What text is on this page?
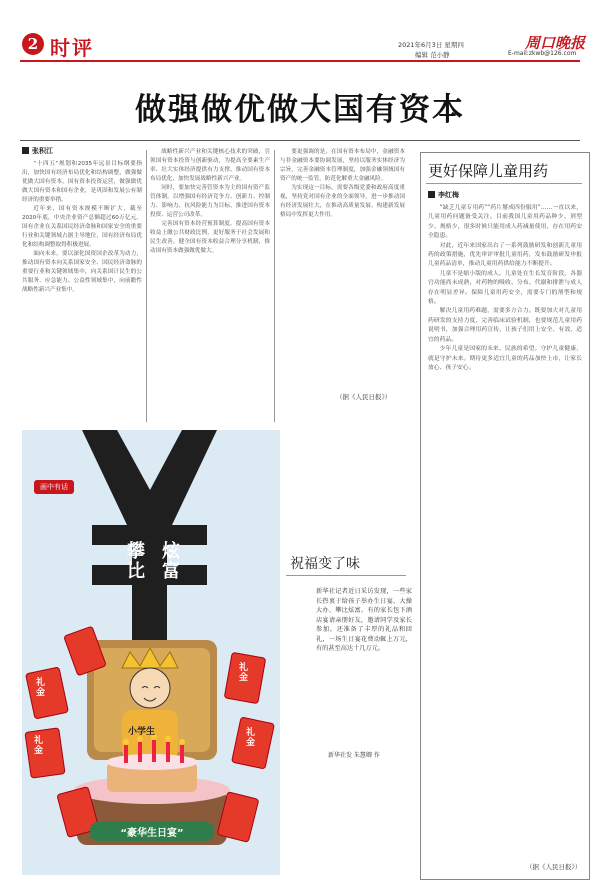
2 时评	2021年6月3日 星期四
编辑 范小静
周口晚报
E-mail:zkwb@126.com
做强做优做大国有资本
张积江

“十四五”规划和2035年远景目标纲要指出，加快国有经济布局优化和结构调整，做强做优做大国有资本。国有资本投资运营，做强做优做大国有资本和国有企业，是巩固和发展公有制经济的重要举措。

近年来，国有资本规模不断扩大，截至2020年底，中央企业资产总额超过60万亿元。国有企业在关系国民经济命脉和国家安全的重要行业和关键领域占据主导地位，国有经济布局优化和结构调整取得积极进展。

面向未来，要以深化国资国企改革为动力，推动国有资本向关系国家安全、国民经济命脉的重要行业和关键领域集中，向关系国计民生的公共服务、应急能力、公益性领域集中，向前瞻性战略性新兴产业集中。

战略性新兴产业和关键核心技术的突破，引领国有资本投资与创新驱动，为提高全要素生产率、壮大实体经济提供有力支撑。推动国有资本布局优化，加快发展战略性新兴产业。

同时，要加快完善管资本为主的国有资产监管体制，以增强国有经济竞争力、创新力、控制力、影响力、抗风险能力为目标，推进国有资本投资、运营公司改革。

完善国有资本经营预算制度，提高国有资本收益上缴公共财政比例，更好服务于社会发展和民生改善。健全国有资本收益合理分享机制，推动国有资本做强做优做大。

要更强调的是，在国有资本布局中，金融资本与非金融资本要协调发展，坚持以服务实体经济为宗旨，完善金融资本管理制度，加强金融领域国有资产的统一监管，防范化解重大金融风险。

为实现这一目标，需要各级党委和政府高度重视，坚持党对国有企业的全面领导，进一步推动国有经济发展壮大，在推动高质量发展、构建新发展格局中发挥更大作用。

（据《人民日报》）
更好保障儿童用药
李红梅

“缺乏儿童专用药”“药片掰成四份服用”……一直以来，儿童用药问题备受关注。目前我国儿童用药品种少、剂型少、规格少，很多时候只能用成人药减量使用，存在用药安全隐患。

对此，近年来国家出台了一系列鼓励研发和创新儿童用药的政策措施，优先审评审批儿童用药，发布鼓励研发申报儿童药品清单，推动儿童用药供给能力不断提升。

儿童不是缩小版的成人。儿童处在生长发育阶段，各器官功能尚未成熟，对药物的吸收、分布、代谢和排泄与成人存在明显差异。保障儿童用药安全，需要专门的剂型和规格。

解决儿童用药难题，需要多方合力。既要加大对儿童用药研发的支持力度，完善临床试验机制，也要规范儿童用药说明书，加强合理用药宣传，让孩子们用上安全、有效、适宜的药品。

少年儿童是国家的未来、民族的希望。守护儿童健康，就是守护未来。期待更多适宜儿童的药品加快上市，让家长放心、孩子安心。

（据《人民日报》）
画中有话
攀比
炫富
礼金
礼金
礼金
礼金
小学生
“豪华生日宴”
祝福变了味
新华社记者近日采访发现，一些家长热衷于给孩子举办生日宴，大操大办、攀比炫富。有的家长包下酒店宴请亲朋好友，邀请同学及家长参加，还准备了丰厚的礼品和回礼，一场生日宴花费动辄上万元，有的甚至高达十几万元。
新华社发 朱慧卿 作
